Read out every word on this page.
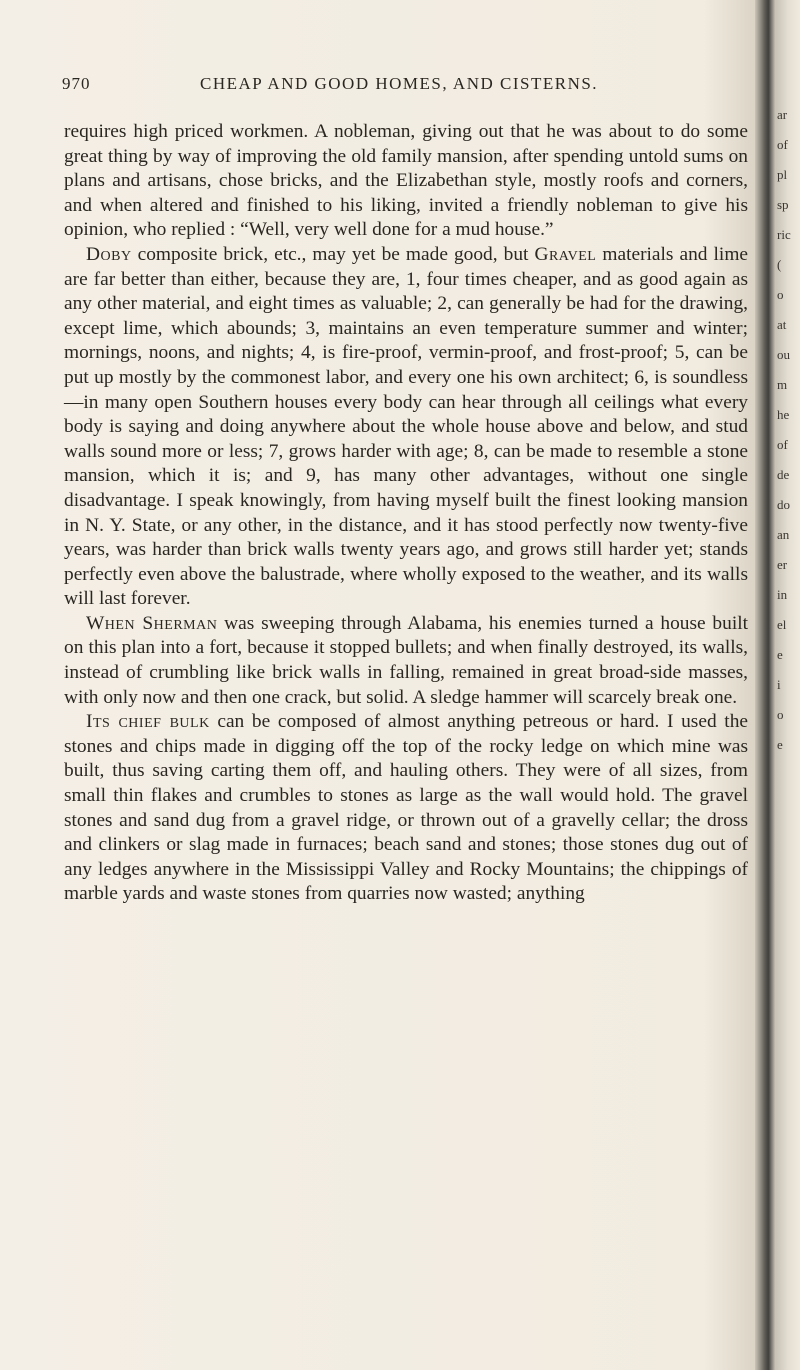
970	CHEAP AND GOOD HOMES, AND CISTERNS.

requires high priced workmen. A nobleman, giving out that he was about to do some great thing by way of improving the old family mansion, after spending untold sums on plans and artisans, chose bricks, and the Elizabethan style, mostly roofs and corners, and when altered and finished to his liking, invited a friendly nobleman to give his opinion, who replied : “Well, very well done for a mud house.”

Doby composite brick, etc., may yet be made good, but Gravel materials and lime are far better than either, because they are, 1, four times cheaper, and as good again as any other material, and eight times as valuable; 2, can generally be had for the drawing, except lime, which abounds; 3, maintains an even temperature summer and winter; mornings, noons, and nights; 4, is fire-proof, vermin-proof, and frost-proof; 5, can be put up mostly by the commonest labor, and every one his own architect; 6, is soundless—in many open Southern houses every body can hear through all ceilings what every body is saying and doing anywhere about the whole house above and below, and stud walls sound more or less; 7, grows harder with age; 8, can be made to resemble a stone mansion, which it is; and 9, has many other advantages, without one single disadvantage. I speak knowingly, from having myself built the finest looking mansion in N. Y. State, or any other, in the distance, and it has stood perfectly now twenty-five years, was harder than brick walls twenty years ago, and grows still harder yet; stands perfectly even above the balustrade, where wholly exposed to the weather, and its walls will last forever.

When Sherman was sweeping through Alabama, his enemies turned a house built on this plan into a fort, because it stopped bullets; and when finally destroyed, its walls, instead of crumbling like brick walls in falling, remained in great broad-side masses, with only now and then one crack, but solid. A sledge hammer will scarcely break one.

Its chief bulk can be composed of almost anything petreous or hard. I used the stones and chips made in digging off the top of the rocky ledge on which mine was built, thus saving carting them off, and hauling others. They were of all sizes, from small thin flakes and crumbles to stones as large as the wall would hold. The gravel stones and sand dug from a gravel ridge, or thrown out of a gravelly cellar; the dross and clinkers or slag made in furnaces; beach sand and stones; those stones dug out of any ledges anywhere in the Mississippi Valley and Rocky Mountains; the chippings of marble yards and waste stones from quarries now wasted; anything

ar
of
pl
sp
ric
(
o
at
ou
m
he
of
de
do
an
er
in
el
e
i
o
e
